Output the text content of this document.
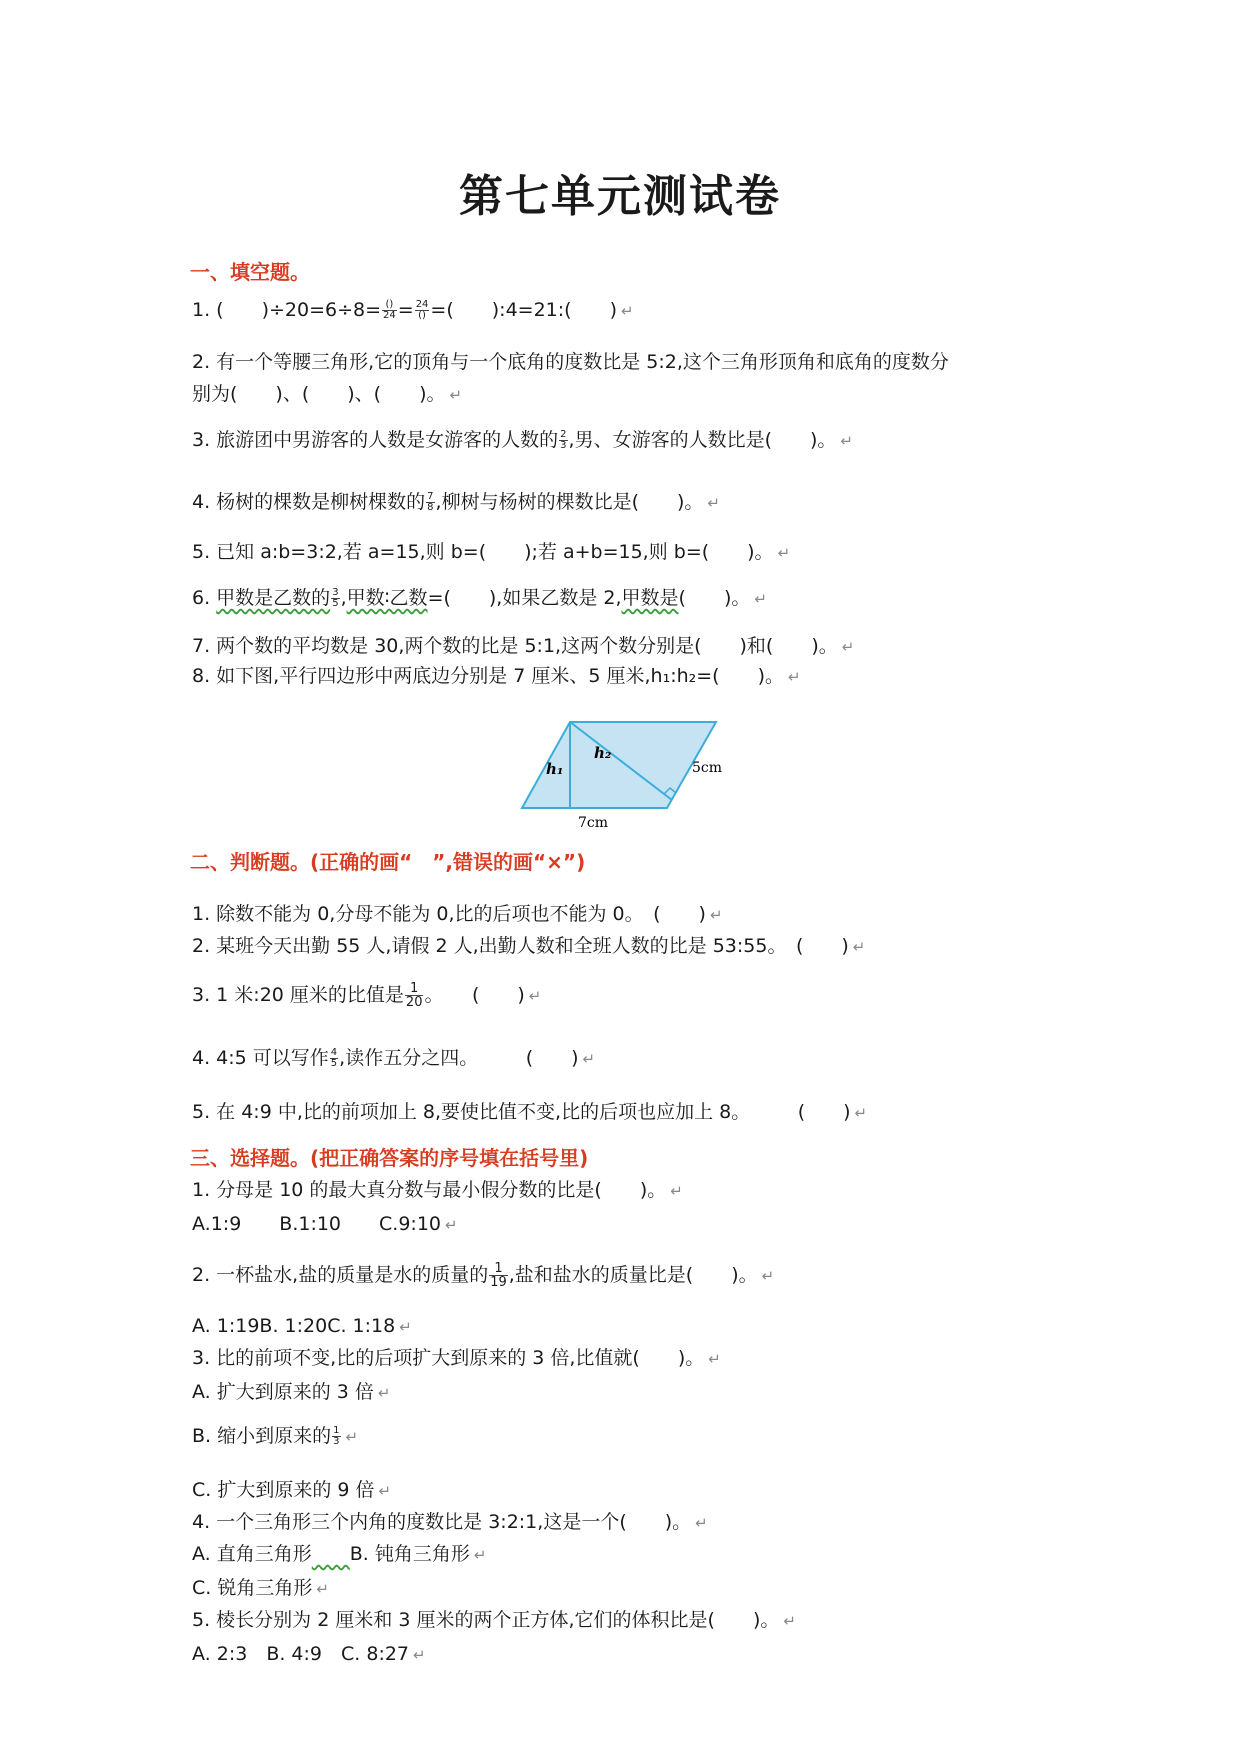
第七单元测试卷
一、填空题。
1. (　　)$\div 20=6\div 8= \frac{()}{24} = \frac{24}{()}$ =(　　):4=21:(　　) ↵
2. 有一个等腰三角形,它的顶角与一个底角的度数比是 5:2,这个三角形顶角和底角的度数分
别为(　　)、(　　)、(　　)。 ↵
3. 旅游团中男游客的人数是女游客的人数的 $\frac{2}{3}$ ,男、女游客的人数比是(　　)。 ↵
4. 杨树的棵数是柳树棵数的 $\frac{7}{8}$ ,柳树与杨树的棵数比是(　　)。 ↵
5. 已知 a:b=3:2,若 a=15,则 b=(　　);若 a+b=15,则 b=(　　)。 ↵
6. 甲数是乙数的 $\frac{3}{5}$ ,甲数∶乙数=(　　),如果乙数是 2,甲数是(　　)。 ↵
7. 两个数的平均数是 30,两个数的比是 5:1,这两个数分别是(　　)和(　　)。 ↵
8. 如下图,平行四边形中两底边分别是 7 厘米、5 厘米,h₁:h₂=(　　)。 ↵
h₁
h₂
5cm
7cm
二、判断题。(正确的画“　”,错误的画“×”)
1. 除数不能为 0,分母不能为 0,比的后项也不能为 0。　(　　) ↵
2. 某班今天出勤 55 人,请假 2 人,出勤人数和全班人数的比是 53:55。　(　　) ↵
3. 1 米:20 厘米的比值是 $\frac{1}{20}$ 。　　(　　) ↵
4. 4:5 可以写作 $\frac{4}{5}$ ,读作五分之四。　　　(　　) ↵
5. 在 4:9 中,比的前项加上 8,要使比值不变,比的后项也应加上 8。　　　(　　) ↵
三、选择题。(把正确答案的序号填在括号里)
1. 分母是 10 的最大真分数与最小假分数的比是(　　)。 ↵
A.1:9　　B.1:10　　C.9:10 ↵
2. 一杯盐水,盐的质量是水的质量的 $\frac{1}{19}$ ,盐和盐水的质量比是(　　)。 ↵
A. 1:19B. 1:20C. 1:18 ↵
3. 比的前项不变,比的后项扩大到原来的 3 倍,比值就(　　)。 ↵
A. 扩大到原来的 3 倍 ↵
B. 缩小到原来的 $\frac{1}{3}$ ↵
C. 扩大到原来的 9 倍 ↵
4. 一个三角形三个内角的度数比是 3:2:1,这是一个(　　)。 ↵
A. 直角三角形　　 B. 钝角三角形 ↵
C. 锐角三角形 ↵
5. 棱长分别为 2 厘米和 3 厘米的两个正方体,它们的体积比是(　　)。 ↵
A. 2:3　B. 4:9　C. 8:27 ↵
